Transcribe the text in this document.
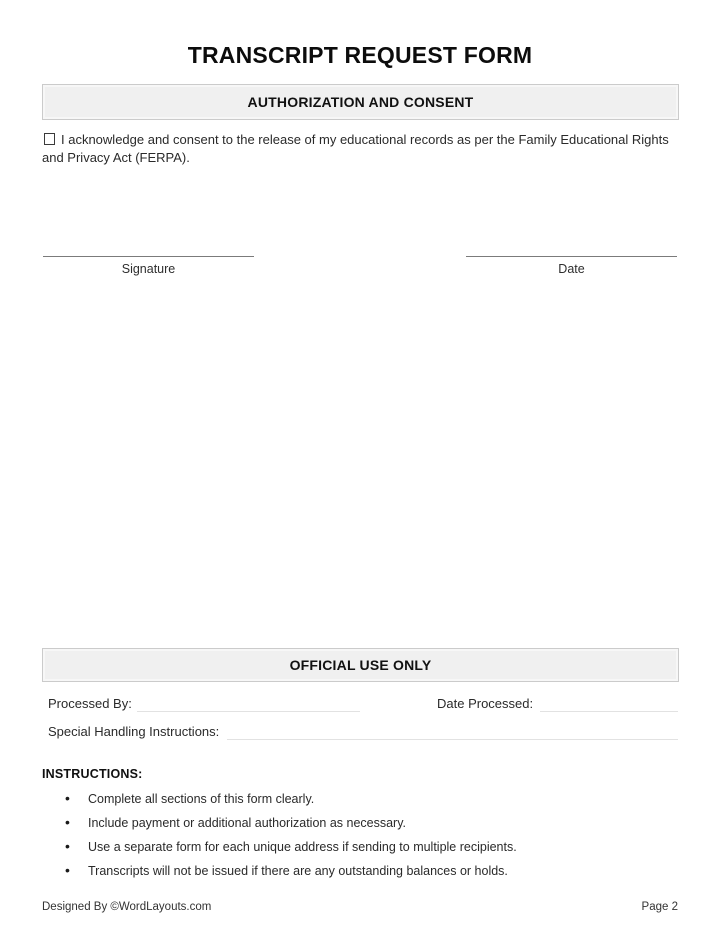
TRANSCRIPT REQUEST FORM
AUTHORIZATION AND CONSENT

I acknowledge and consent to the release of my educational records as per the Family Educational Rights and Privacy Act (FERPA).

Signature	Date
OFFICIAL USE ONLY
Processed By:	Date Processed:
Special Handling Instructions:
INSTRUCTIONS:
• Complete all sections of this form clearly.
• Include payment or additional authorization as necessary.
• Use a separate form for each unique address if sending to multiple recipients.
• Transcripts will not be issued if there are any outstanding balances or holds.
Designed By ©WordLayouts.com	Page 2
